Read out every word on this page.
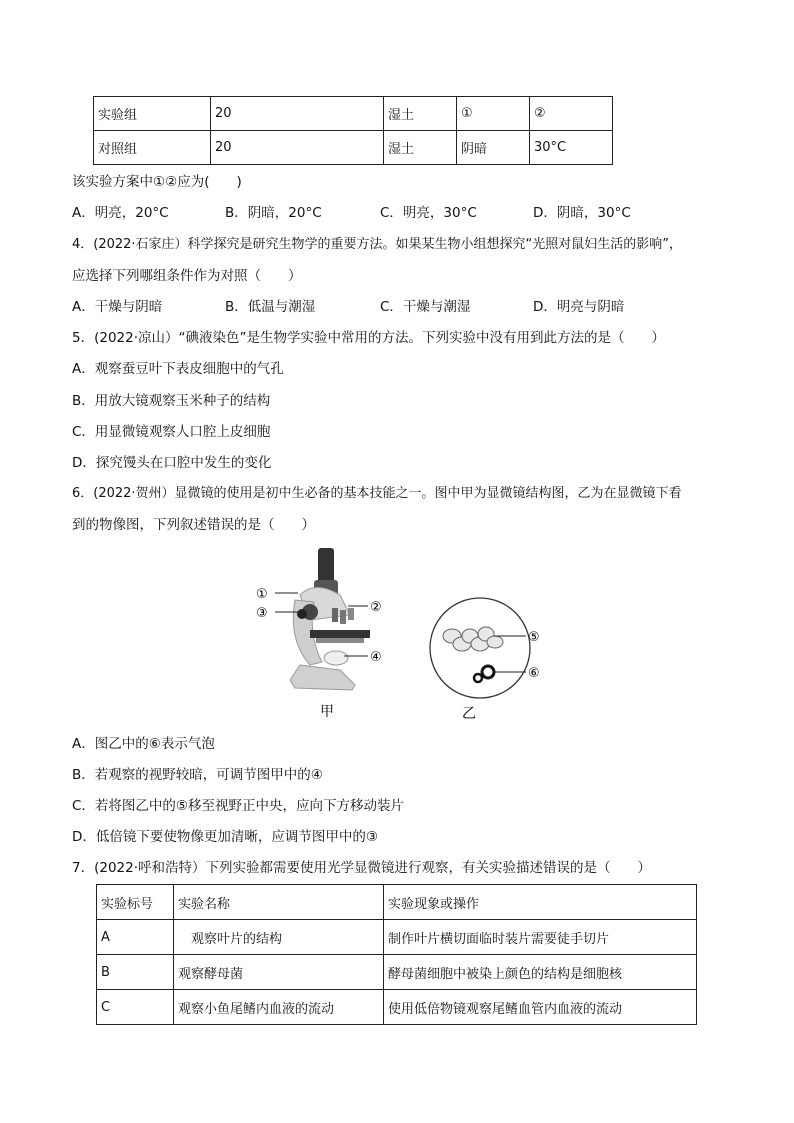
实验组	20	湿土	①	②
对照组	20	湿土	阴暗	30°C
该实验方案中①②应为(　　)
A．明亮，20°C	B．阴暗，20°C	C．明亮，30°C	D．阴暗，30°C
4．(2022·石家庄）科学探究是研究生物学的重要方法。如果某生物小组想探究“光照对鼠妇生活的影响”，
应选择下列哪组条件作为对照（　　）
A．干燥与阴暗	B．低温与潮湿	C．干燥与潮湿	D．明亮与阴暗
5．(2022·凉山）“碘液染色”是生物学实验中常用的方法。下列实验中没有用到此方法的是（　　）
A．观察蚕豆叶下表皮细胞中的气孔
B．用放大镜观察玉米种子的结构
C．用显微镜观察人口腔上皮细胞
D．探究馒头在口腔中发生的变化
6．(2022·贺州）显微镜的使用是初中生必备的基本技能之一。图中甲为显微镜结构图，乙为在显微镜下看
到的物像图，下列叙述错误的是（　　）
①
③	②
④
甲
⑤
⑥
乙
A．图乙中的⑥表示气泡
B．若观察的视野较暗，可调节图甲中的④
C．若将图乙中的⑤移至视野正中央，应向下方移动装片
D．低倍镜下要使物像更加清晰，应调节图甲中的③
7．(2022·呼和浩特）下列实验都需要使用光学显微镜进行观察，有关实验描述错误的是（　　）
实验标号	实验名称	实验现象或操作
A	　观察叶片的结构	制作叶片横切面临时装片需要徒手切片
B	观察酵母菌	酵母菌细胞中被染上颜色的结构是细胞核
C	观察小鱼尾鳍内血液的流动	使用低倍物镜观察尾鳍血管内血液的流动
